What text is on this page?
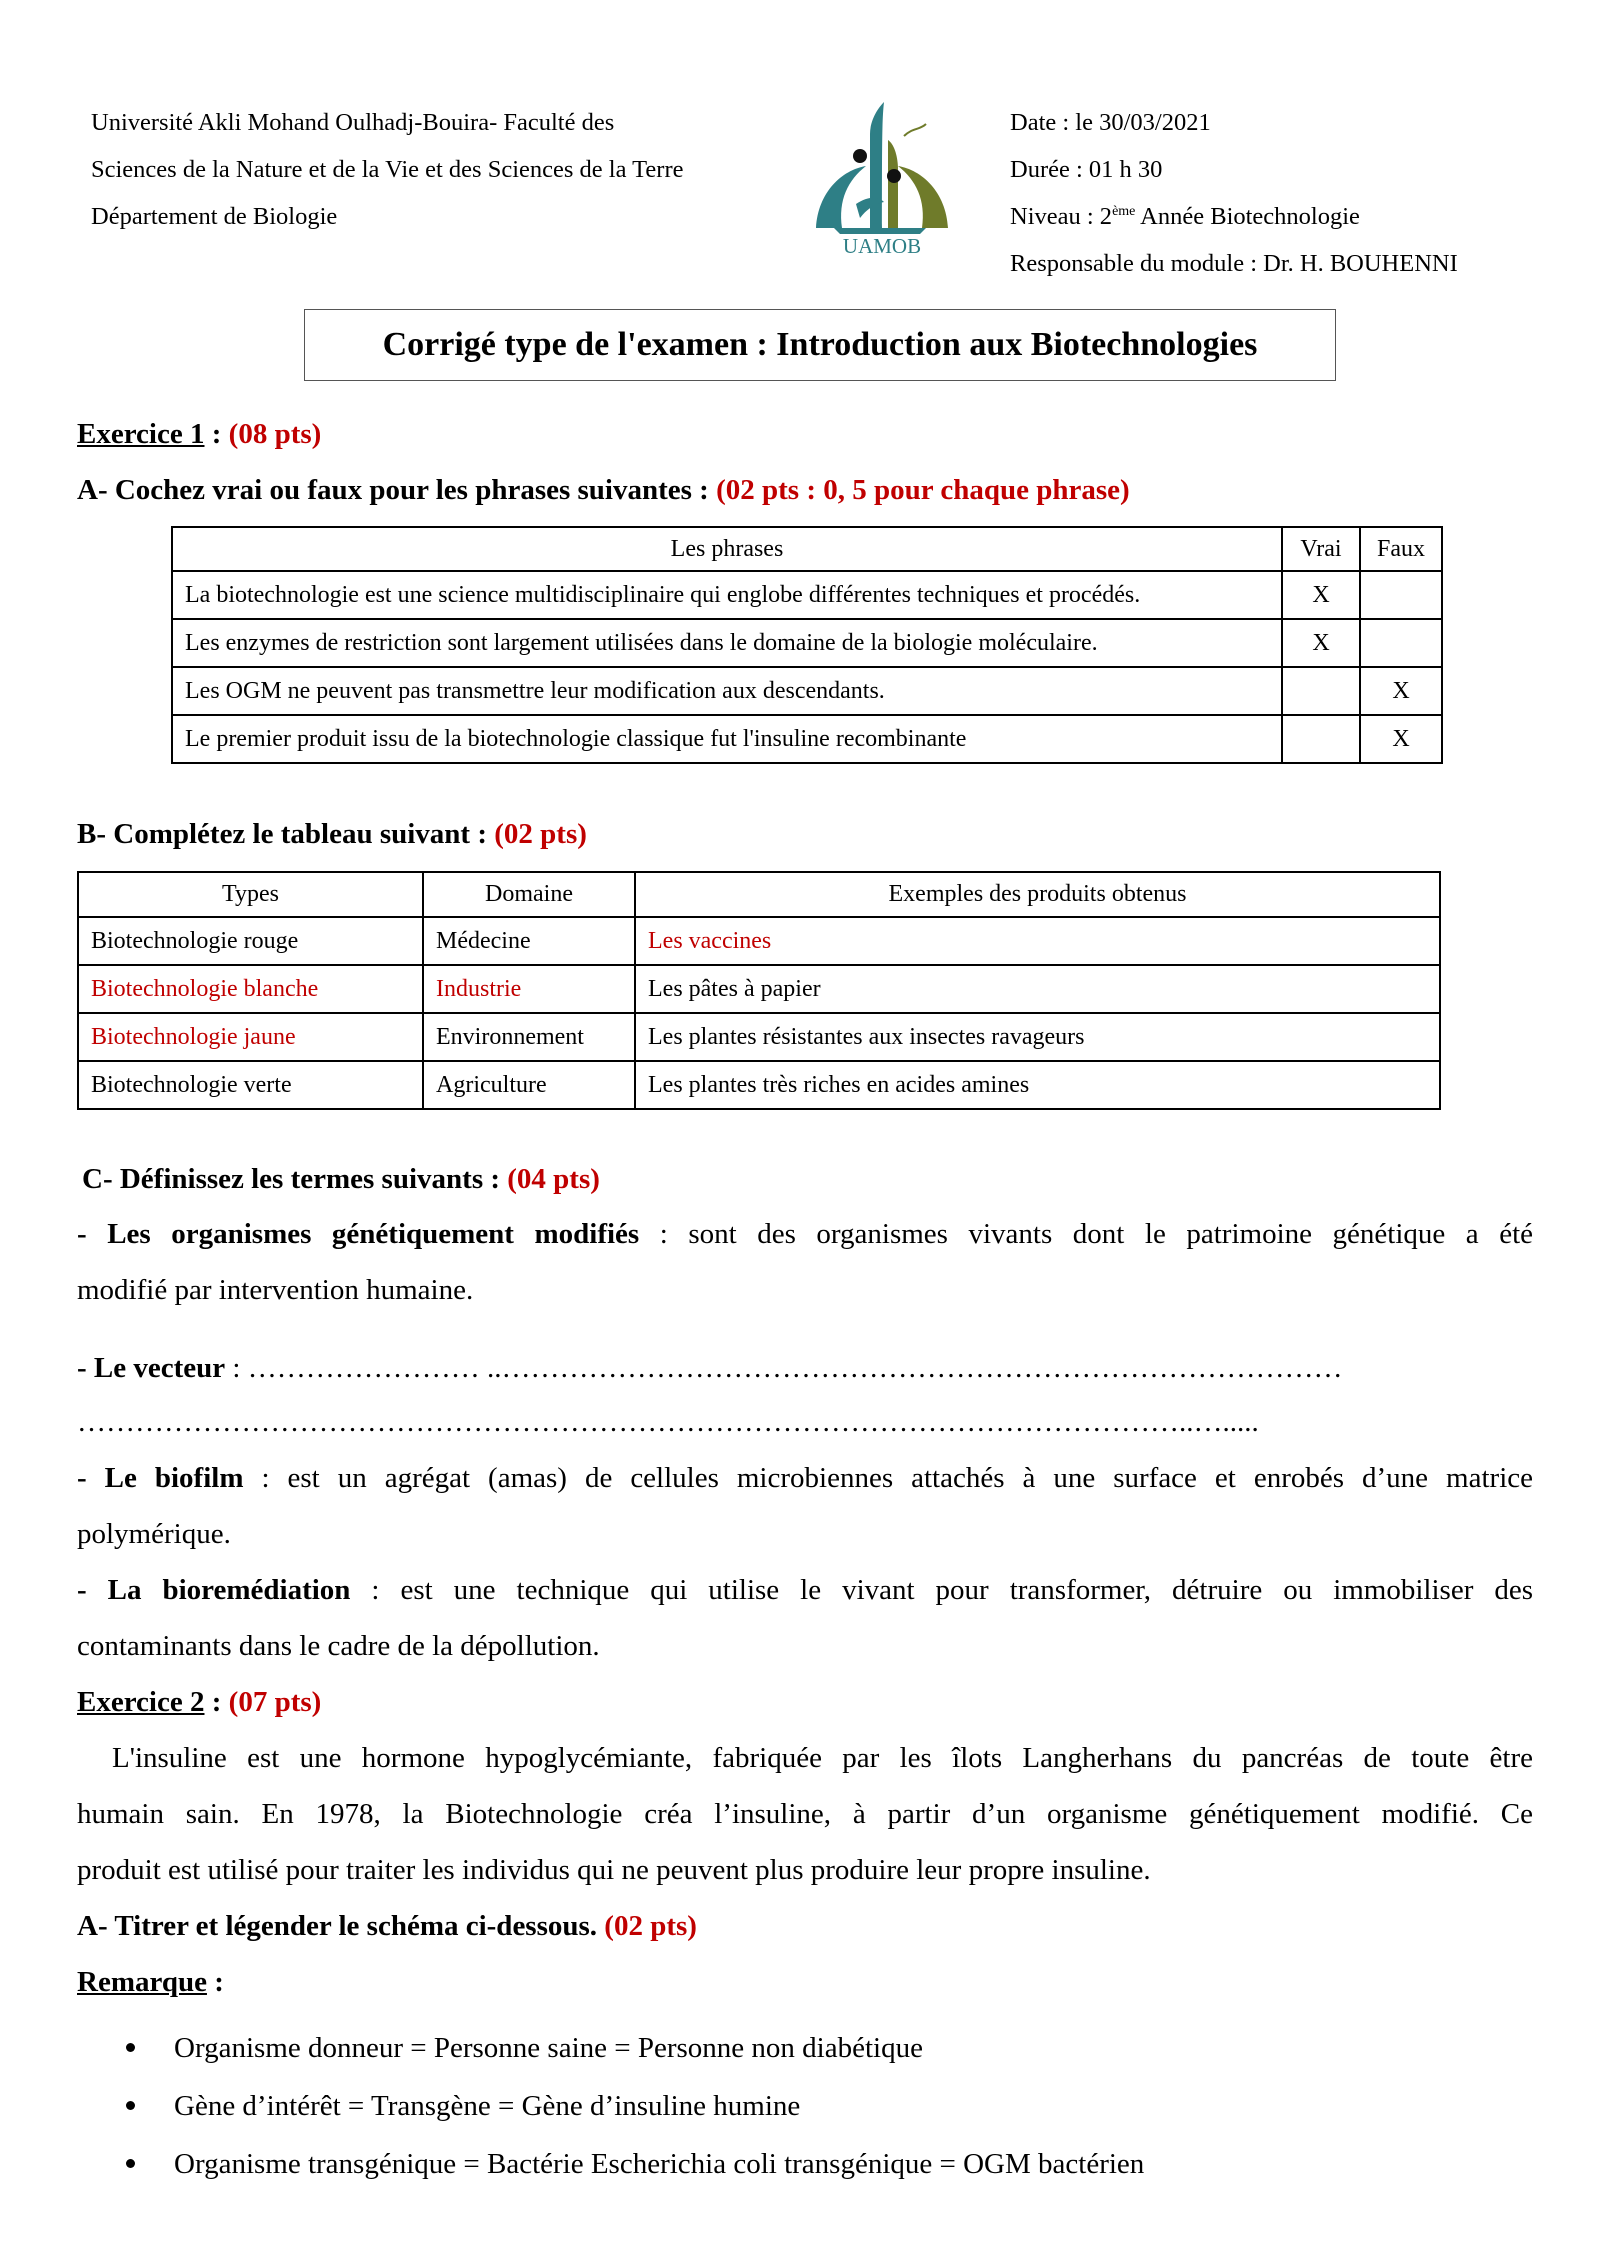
Université Akli Mohand Oulhadj-Bouira- Faculté des
Sciences de la Nature et de la Vie et des Sciences de la Terre
Département de Biologie
UAMOB
Date : le 30/03/2021
Durée : 01 h 30
Niveau : 2ème Année Biotechnologie
Responsable du module : Dr. H. BOUHENNI
Corrigé type de l'examen : Introduction aux Biotechnologies
Exercice 1 : (08 pts)
A- Cochez vrai ou faux pour les phrases suivantes : (02 pts : 0, 5 pour chaque phrase)
Les phrases	Vrai	Faux
La biotechnologie est une science multidisciplinaire qui englobe différentes techniques et procédés.	X	
Les enzymes de restriction sont largement utilisées dans le domaine de la biologie moléculaire.	X	
Les OGM ne peuvent pas transmettre leur modification aux descendants.		X
Le premier produit issu de la biotechnologie classique fut l'insuline recombinante		X
B- Complétez le tableau suivant : (02 pts)
Types	Domaine	Exemples des produits obtenus
Biotechnologie rouge	Médecine	Les vaccines
Biotechnologie blanche	Industrie	Les pâtes à papier
Biotechnologie jaune	Environnement	Les plantes résistantes aux insectes ravageurs
Biotechnologie verte	Agriculture	Les plantes très riches en acides amines
C- Définissez les termes suivants : (04 pts)
- Les organismes génétiquement modifiés : sont des organismes vivants dont le patrimoine génétique a été
modifié par intervention humaine.
- Le vecteur : …………………… ..……………………………………………………………………………
……………………………………………………………………………………………………..….....
- Le biofilm : est un agrégat (amas) de cellules microbiennes attachés à une surface et enrobés d’une matrice
polymérique.
- La bioremédiation : est une technique qui utilise le vivant pour transformer, détruire ou immobiliser des
contaminants dans le cadre de la dépollution.
Exercice 2 : (07 pts)
L'insuline est une hormone hypoglycémiante, fabriquée par les îlots Langherhans du pancréas de toute être
humain sain. En 1978, la Biotechnologie créa l’insuline, à partir d’un organisme génétiquement modifié. Ce
produit est utilisé pour traiter les individus qui ne peuvent plus produire leur propre insuline.
A- Titrer et légender le schéma ci-dessous. (02 pts)
Remarque :
Organisme donneur = Personne saine = Personne non diabétique
Gène d’intérêt = Transgène = Gène d’insuline humine
Organisme transgénique = Bactérie Escherichia coli transgénique = OGM bactérien
